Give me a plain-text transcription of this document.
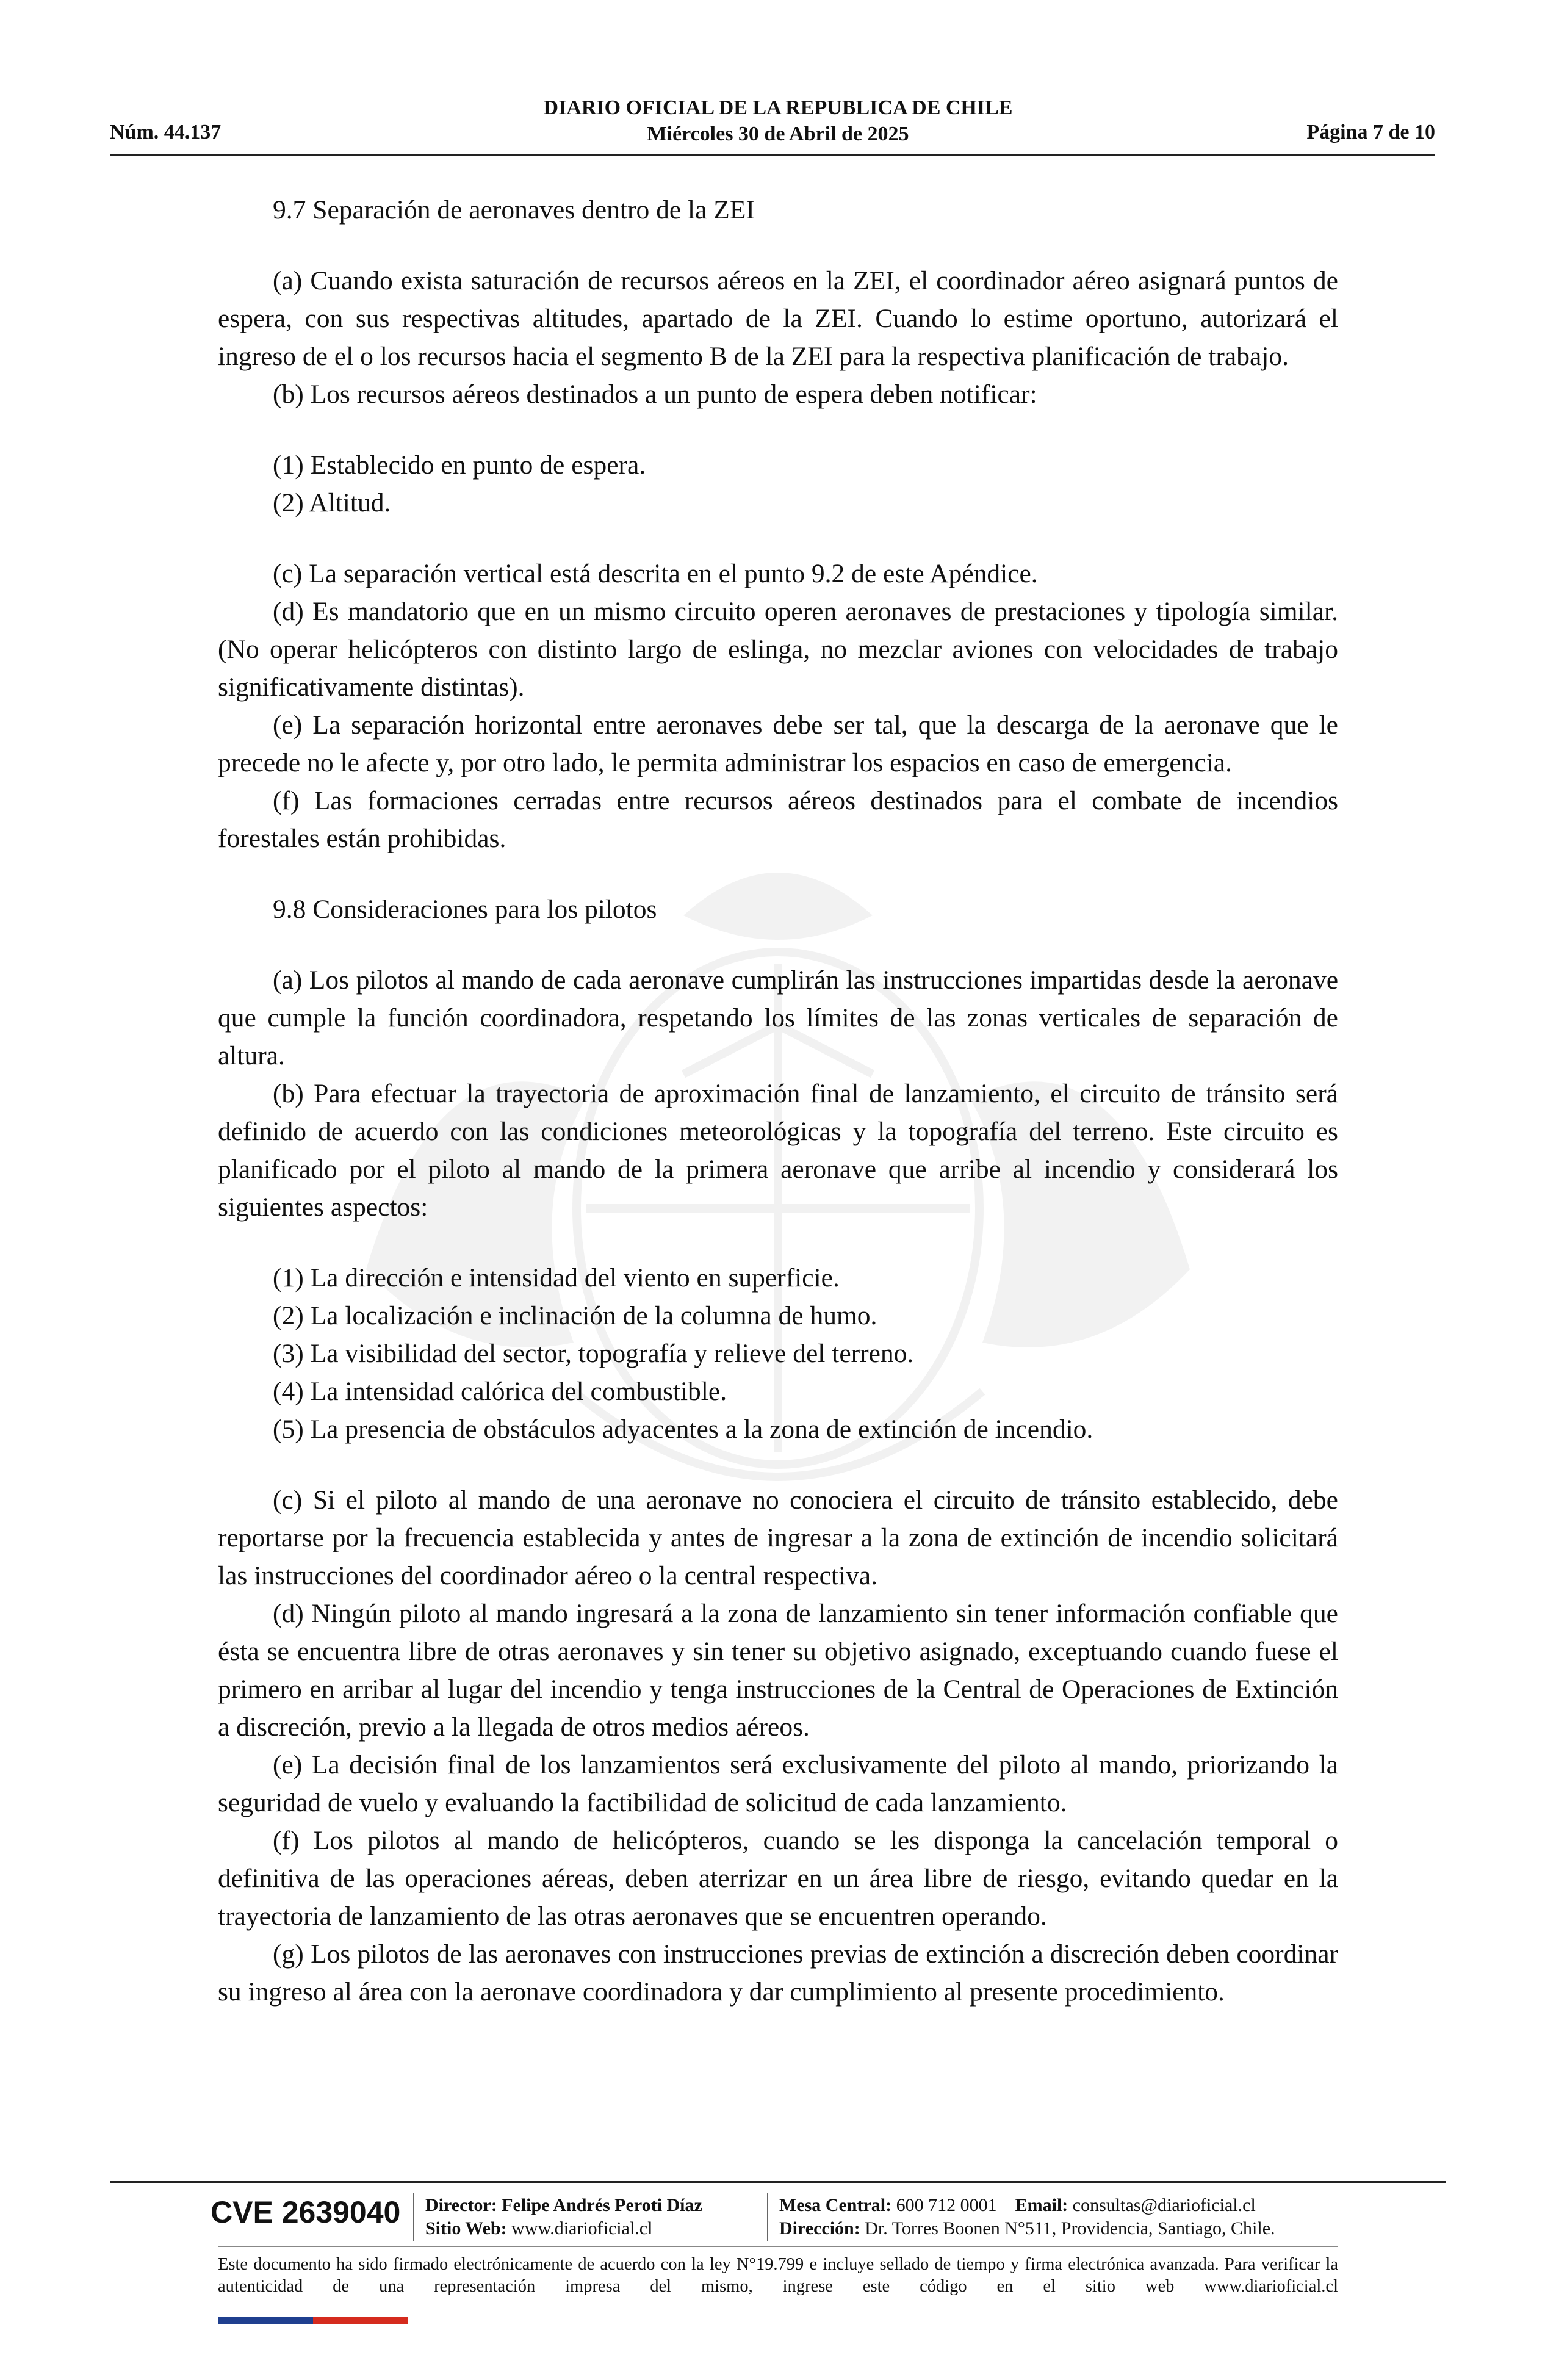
Núm. 44.137
DIARIO OFICIAL DE LA REPUBLICA DE CHILE
Miércoles 30 de Abril de 2025	Página 7 de 10

9.7 Separación de aeronaves dentro de la ZEI

(a) Cuando exista saturación de recursos aéreos en la ZEI, el coordinador aéreo asignará puntos de espera, con sus respectivas altitudes, apartado de la ZEI. Cuando lo estime oportuno, autorizará el ingreso de el o los recursos hacia el segmento B de la ZEI para la respectiva planificación de trabajo.

(b) Los recursos aéreos destinados a un punto de espera deben notificar:

(1) Establecido en punto de espera.
(2) Altitud.

(c) La separación vertical está descrita en el punto 9.2 de este Apéndice.

(d) Es mandatorio que en un mismo circuito operen aeronaves de prestaciones y tipología similar. (No operar helicópteros con distinto largo de eslinga, no mezclar aviones con velocidades de trabajo significativamente distintas).

(e) La separación horizontal entre aeronaves debe ser tal, que la descarga de la aeronave que le precede no le afecte y, por otro lado, le permita administrar los espacios en caso de emergencia.

(f) Las formaciones cerradas entre recursos aéreos destinados para el combate de incendios forestales están prohibidas.

9.8 Consideraciones para los pilotos

(a) Los pilotos al mando de cada aeronave cumplirán las instrucciones impartidas desde la aeronave que cumple la función coordinadora, respetando los límites de las zonas verticales de separación de altura.

(b) Para efectuar la trayectoria de aproximación final de lanzamiento, el circuito de tránsito será definido de acuerdo con las condiciones meteorológicas y la topografía del terreno. Este circuito es planificado por el piloto al mando de la primera aeronave que arribe al incendio y considerará los siguientes aspectos:

(1) La dirección e intensidad del viento en superficie.
(2) La localización e inclinación de la columna de humo.
(3) La visibilidad del sector, topografía y relieve del terreno.
(4) La intensidad calórica del combustible.
(5) La presencia de obstáculos adyacentes a la zona de extinción de incendio.

(c) Si el piloto al mando de una aeronave no conociera el circuito de tránsito establecido, debe reportarse por la frecuencia establecida y antes de ingresar a la zona de extinción de incendio solicitará las instrucciones del coordinador aéreo o la central respectiva.

(d) Ningún piloto al mando ingresará a la zona de lanzamiento sin tener información confiable que ésta se encuentra libre de otras aeronaves y sin tener su objetivo asignado, exceptuando cuando fuese el primero en arribar al lugar del incendio y tenga instrucciones de la Central de Operaciones de Extinción a discreción, previo a la llegada de otros medios aéreos.

(e) La decisión final de los lanzamientos será exclusivamente del piloto al mando, priorizando la seguridad de vuelo y evaluando la factibilidad de solicitud de cada lanzamiento.

(f) Los pilotos al mando de helicópteros, cuando se les disponga la cancelación temporal o definitiva de las operaciones aéreas, deben aterrizar en un área libre de riesgo, evitando quedar en la trayectoria de lanzamiento de las otras aeronaves que se encuentren operando.

(g) Los pilotos de las aeronaves con instrucciones previas de extinción a discreción deben coordinar su ingreso al área con la aeronave coordinadora y dar cumplimiento al presente procedimiento.

CVE 2639040 Director: Felipe Andrés Peroti Díaz
Sitio Web: www.diarioficial.cl
Mesa Central: 600 712 0001 Email: consultas@diarioficial.cl
Dirección: Dr. Torres Boonen N°511, Providencia, Santiago, Chile.
Este documento ha sido firmado electrónicamente de acuerdo con la ley N°19.799 e incluye sellado de tiempo y firma electrónica avanzada. Para verificar la autenticidad de una representación impresa del mismo, ingrese este código en el sitio web www.diarioficial.cl
